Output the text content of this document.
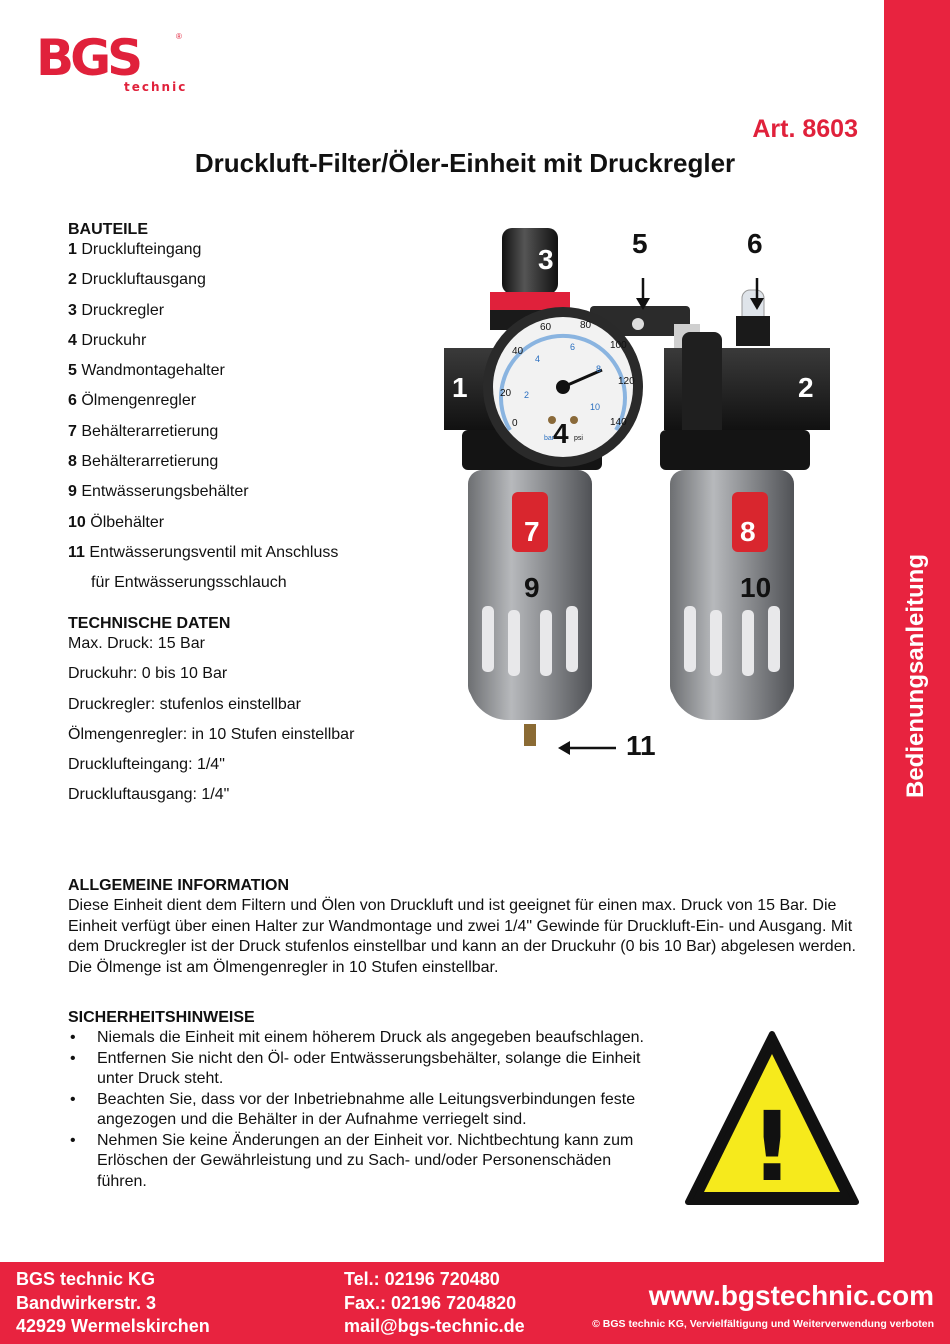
BGS
technic
®
Art. 8603
Druckluft-Filter/Öler-Einheit mit Druckregler
Bedienungsanleitung
BAUTEILE
1 Drucklufteingang
2 Druckluftausgang
3 Druckregler
4 Druckuhr
5 Wandmontagehalter
6 Ölmengenregler
7 Behälterarretierung
8 Behälterarretierung
9 Entwässerungsbehälter
10 Ölbehälter
11 Entwässerungsventil mit Anschluss
für Entwässerungsschlauch
TECHNISCHE DATEN
Max. Druck: 15 Bar
Druckuhr: 0 bis 10 Bar
Druckregler: stufenlos einstellbar
Ölmengenregler: in 10 Stufen einstellbar
Drucklufteingang: 1/4"
Druckluftausgang: 1/4"
0
20
40
60	80
100
120
140
2
4
6
8
10
bar	psi
1	2
3
4
5	6
7	8
9	10
11
ALLGEMEINE INFORMATION

Diese Einheit dient dem Filtern und Ölen von Druckluft und ist geeignet für einen max. Druck von 15 Bar. Die Einheit verfügt über einen Halter zur Wandmontage und zwei 1/4" Gewinde für Druckluft-Ein- und Ausgang. Mit dem Druckregler ist der Druck stufenlos einstellbar und kann an der Druckuhr (0 bis 10 Bar) abgelesen werden. Die Ölmenge ist am Ölmengenregler in 10 Stufen einstellbar.

SICHERHEITSHINWEISE
• Niemals die Einheit mit einem höherem Druck als angegeben beaufschlagen.
• Entfernen Sie nicht den Öl- oder Entwässerungsbehälter, solange die Einheit unter Druck steht.
• Beachten Sie, dass vor der Inbetriebnahme alle Leitungsverbindungen feste angezogen und die Behälter in der Aufnahme verriegelt sind.
• Nehmen Sie keine Änderungen an der Einheit vor. Nichtbechtung kann zum Erlöschen der Gewährleistung und zu Sach- und/oder Personenschäden führen.	!
BGS technic KG
Bandwirkerstr. 3
42929 Wermelskirchen
Tel.: 02196 720480
Fax.: 02196 7204820
mail@bgs-technic.de
www.bgstechnic.com
© BGS technic KG, Vervielfältigung und Weiterverwendung verboten
